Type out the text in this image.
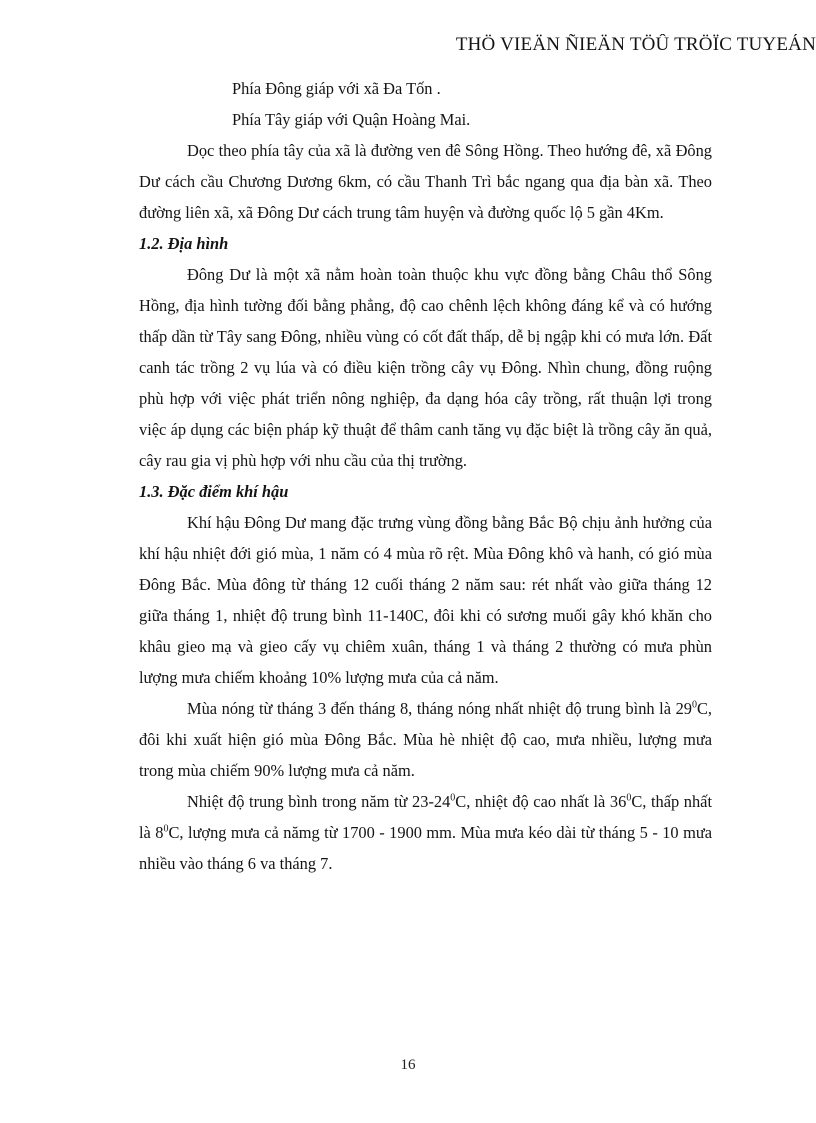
THÖ VIEÄN ÑIEÄN TÖÛ TRÖÏC TUYEÁN

Phía Đông giáp với xã Đa Tốn .

Phía Tây giáp với Quận Hoàng Mai.

Dọc theo phía tây của xã là đường ven đê Sông Hồng. Theo hướng đê, xã Đông Dư cách cầu Chương Dương 6km, có cầu Thanh Trì bắc ngang qua địa bàn xã. Theo đường liên xã, xã Đông Dư cách trung tâm huyện và đường quốc lộ 5 gần 4Km.

1.2. Địa hình

Đông Dư là một xã nằm hoàn toàn thuộc khu vực đồng bằng Châu thổ Sông Hồng, địa hình tường đối bằng phẳng, độ cao chênh lệch không đáng kể và có hướng thấp dần từ Tây sang Đông, nhiều vùng có cốt đất thấp, dễ bị ngập khi có mưa lớn. Đất canh tác trồng 2 vụ lúa và có điều kiện trồng cây vụ Đông. Nhìn chung, đồng ruộng phù hợp với việc phát triển nông nghiệp, đa dạng hóa cây trồng, rất thuận lợi trong việc áp dụng các biện pháp kỹ thuật để thâm canh tăng vụ đặc biệt là trồng cây ăn quả, cây rau gia vị phù hợp với nhu cầu của thị trường.

1.3. Đặc điểm khí hậu

Khí hậu Đông Dư mang đặc trưng vùng đồng bằng Bắc Bộ chịu ảnh hưởng của khí hậu nhiệt đới gió mùa, 1 năm có 4 mùa rõ rệt. Mùa Đông khô và hanh, có gió mùa Đông Bắc. Mùa đông từ tháng 12 cuối tháng 2 năm sau: rét nhất vào giữa tháng 12 giữa tháng 1, nhiệt độ trung bình 11-140C, đôi khi có sương muối gây khó khăn cho khâu gieo mạ và gieo cấy vụ chiêm xuân, tháng 1 và tháng 2 thường có mưa phùn lượng mưa chiếm khoảng 10% lượng mưa của cả năm.

Mùa nóng từ tháng 3 đến tháng 8, tháng nóng nhất nhiệt độ trung bình là $29^0C$, đôi khi xuất hiện gió mùa Đông Bắc. Mùa hè nhiệt độ cao, mưa nhiều, lượng mưa trong mùa chiếm 90% lượng mưa cả năm.

Nhiệt độ trung bình trong năm từ $23-24^0C$, nhiệt độ cao nhất là $36^0C$, thấp nhất là $8^0C$, lượng mưa cả nămg từ 1700 - 1900 mm. Mùa mưa kéo dài từ tháng 5 - 10 mưa nhiều vào tháng 6 va tháng 7.

16
